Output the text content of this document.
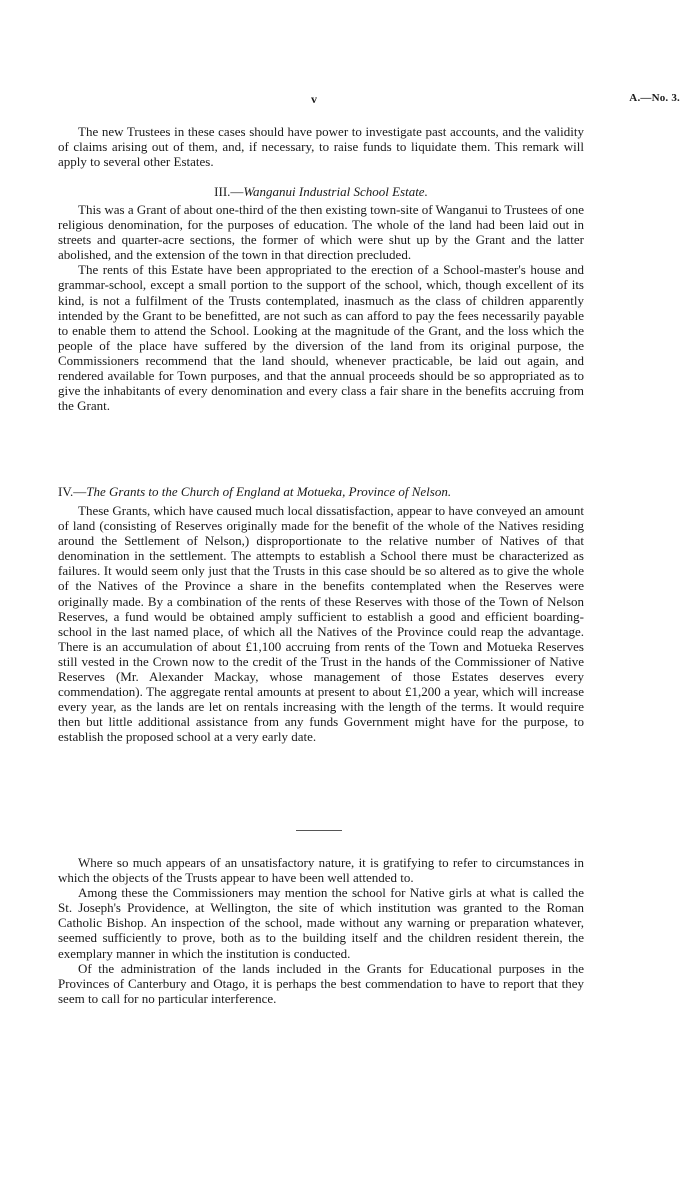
v	A.—No. 3.

The new Trustees in these cases should have power to investigate past accounts, and the validity of claims arising out of them, and, if necessary, to raise funds to liquidate them. This remark will apply to several other Estates.

III.—Wanganui Industrial School Estate.

This was a Grant of about one-third of the then existing town-site of Wanganui to Trustees of one religious denomination, for the purposes of education. The whole of the land had been laid out in streets and quarter-acre sections, the former of which were shut up by the Grant and the latter abolished, and the extension of the town in that direction precluded.

The rents of this Estate have been appropriated to the erection of a School-master's house and grammar-school, except a small portion to the support of the school, which, though excellent of its kind, is not a fulfilment of the Trusts contemplated, inasmuch as the class of children apparently intended by the Grant to be benefitted, are not such as can afford to pay the fees necessarily payable to enable them to attend the School. Looking at the magnitude of the Grant, and the loss which the people of the place have suffered by the diversion of the land from its original purpose, the Commissioners recommend that the land should, whenever practicable, be laid out again, and rendered available for Town purposes, and that the annual proceeds should be so appropriated as to give the inhabitants of every denomination and every class a fair share in the benefits accruing from the Grant.

IV.—The Grants to the Church of England at Motueka, Province of Nelson.

These Grants, which have caused much local dissatisfaction, appear to have conveyed an amount of land (consisting of Reserves originally made for the benefit of the whole of the Natives residing around the Settlement of Nelson,) disproportionate to the relative number of Natives of that denomination in the settlement. The attempts to establish a School there must be characterized as failures. It would seem only just that the Trusts in this case should be so altered as to give the whole of the Natives of the Province a share in the benefits contemplated when the Reserves were originally made. By a combination of the rents of these Reserves with those of the Town of Nelson Reserves, a fund would be obtained amply sufficient to establish a good and efficient boarding-school in the last named place, of which all the Natives of the Province could reap the advantage. There is an accumulation of about £1,100 accruing from rents of the Town and Motueka Reserves still vested in the Crown now to the credit of the Trust in the hands of the Commissioner of Native Reserves (Mr. Alexander Mackay, whose management of those Estates deserves every commendation). The aggregate rental amounts at present to about £1,200 a year, which will increase every year, as the lands are let on rentals increasing with the length of the terms. It would require then but little additional assistance from any funds Government might have for the purpose, to establish the proposed school at a very early date.

Where so much appears of an unsatisfactory nature, it is gratifying to refer to circumstances in which the objects of the Trusts appear to have been well attended to.

Among these the Commissioners may mention the school for Native girls at what is called the St. Joseph's Providence, at Wellington, the site of which institution was granted to the Roman Catholic Bishop. An inspection of the school, made without any warning or preparation whatever, seemed sufficiently to prove, both as to the building itself and the children resident therein, the exemplary manner in which the institution is conducted.

Of the administration of the lands included in the Grants for Educational purposes in the Provinces of Canterbury and Otago, it is perhaps the best commendation to have to report that they seem to call for no particular interference.
